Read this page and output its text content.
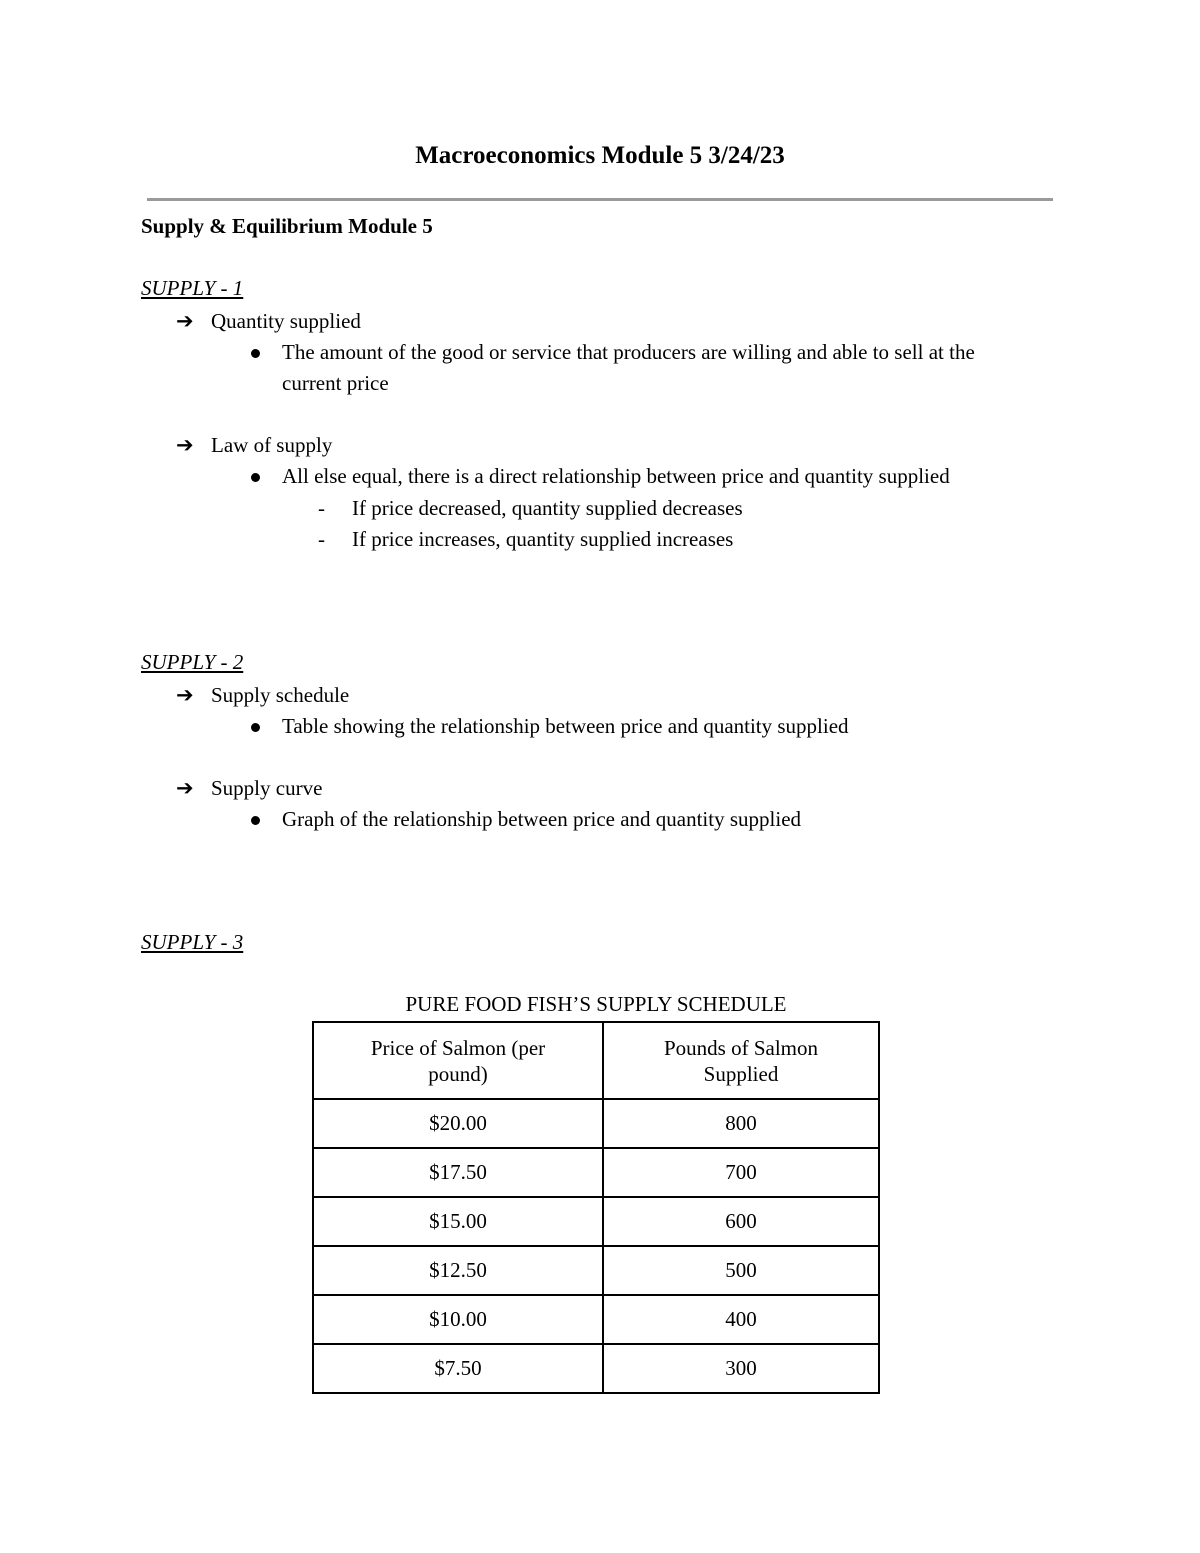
Macroeconomics Module 5 3/24/23

Supply & Equilibrium Module 5

SUPPLY - 1

➔ Quantity supplied

The amount of the good or service that producers are willing and able to sell at the

current price

➔ Law of supply

All else equal, there is a direct relationship between price and quantity supplied

- If price decreased, quantity supplied decreases

- If price increases, quantity supplied increases

SUPPLY - 2

➔ Supply schedule

Table showing the relationship between price and quantity supplied

➔ Supply curve

Graph of the relationship between price and quantity supplied

SUPPLY - 3

PURE FOOD FISH’S SUPPLY SCHEDULE

Price of Salmon (per pound)	Pounds of Salmon Supplied
$20.00	800
$17.50	700
$15.00	600
$12.50	500
$10.00	400
$7.50	300
